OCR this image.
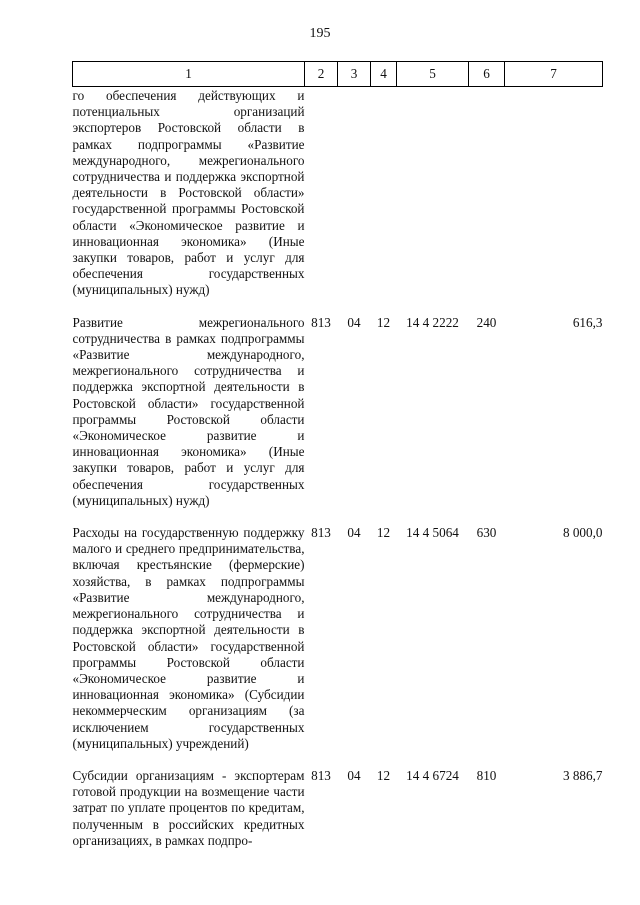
195
1	2	3	4	5	6	7
го обеспечения действующих и потенциальных организаций экспортеров Ростовской области в рамках подпрограммы «Развитие международного, межрегионального сотрудничества и поддержка экспортной деятельности в Ростовской области» государственной программы Ростовской области «Экономическое развитие и инновационная экономика» (Иные закупки товаров, работ и услуг для обеспечения государственных (муниципальных) нужд)						

Развитие межрегионального сотрудничества в рамках подпрограммы «Развитие международного, межрегионального сотрудничества и поддержка экспортной деятельности в Ростовской области» государственной программы Ростовской области «Экономическое развитие и инновационная экономика» (Иные закупки товаров, работ и услуг для обеспечения государственных (муниципальных) нужд)	813	04	12	14 4 2222	240	616,3

Расходы на государственную поддержку малого и среднего предпринимательства, включая крестьянские (фермерские) хозяйства, в рамках подпрограммы «Развитие международного, межрегионального сотрудничества и поддержка экспортной деятельности в Ростовской области» государственной программы Ростовской области «Экономическое развитие и инновационная экономика» (Субсидии некоммерческим организациям (за исключением государственных (муниципальных) учреждений)	813	04	12	14 4 5064	630	8 000,0

Субсидии организациям - экспортерам готовой продукции на возмещение части затрат по уплате процентов по кредитам, полученным в российских кредитных организациях, в рамках подпро-	813	04	12	14 4 6724	810	3 886,7
